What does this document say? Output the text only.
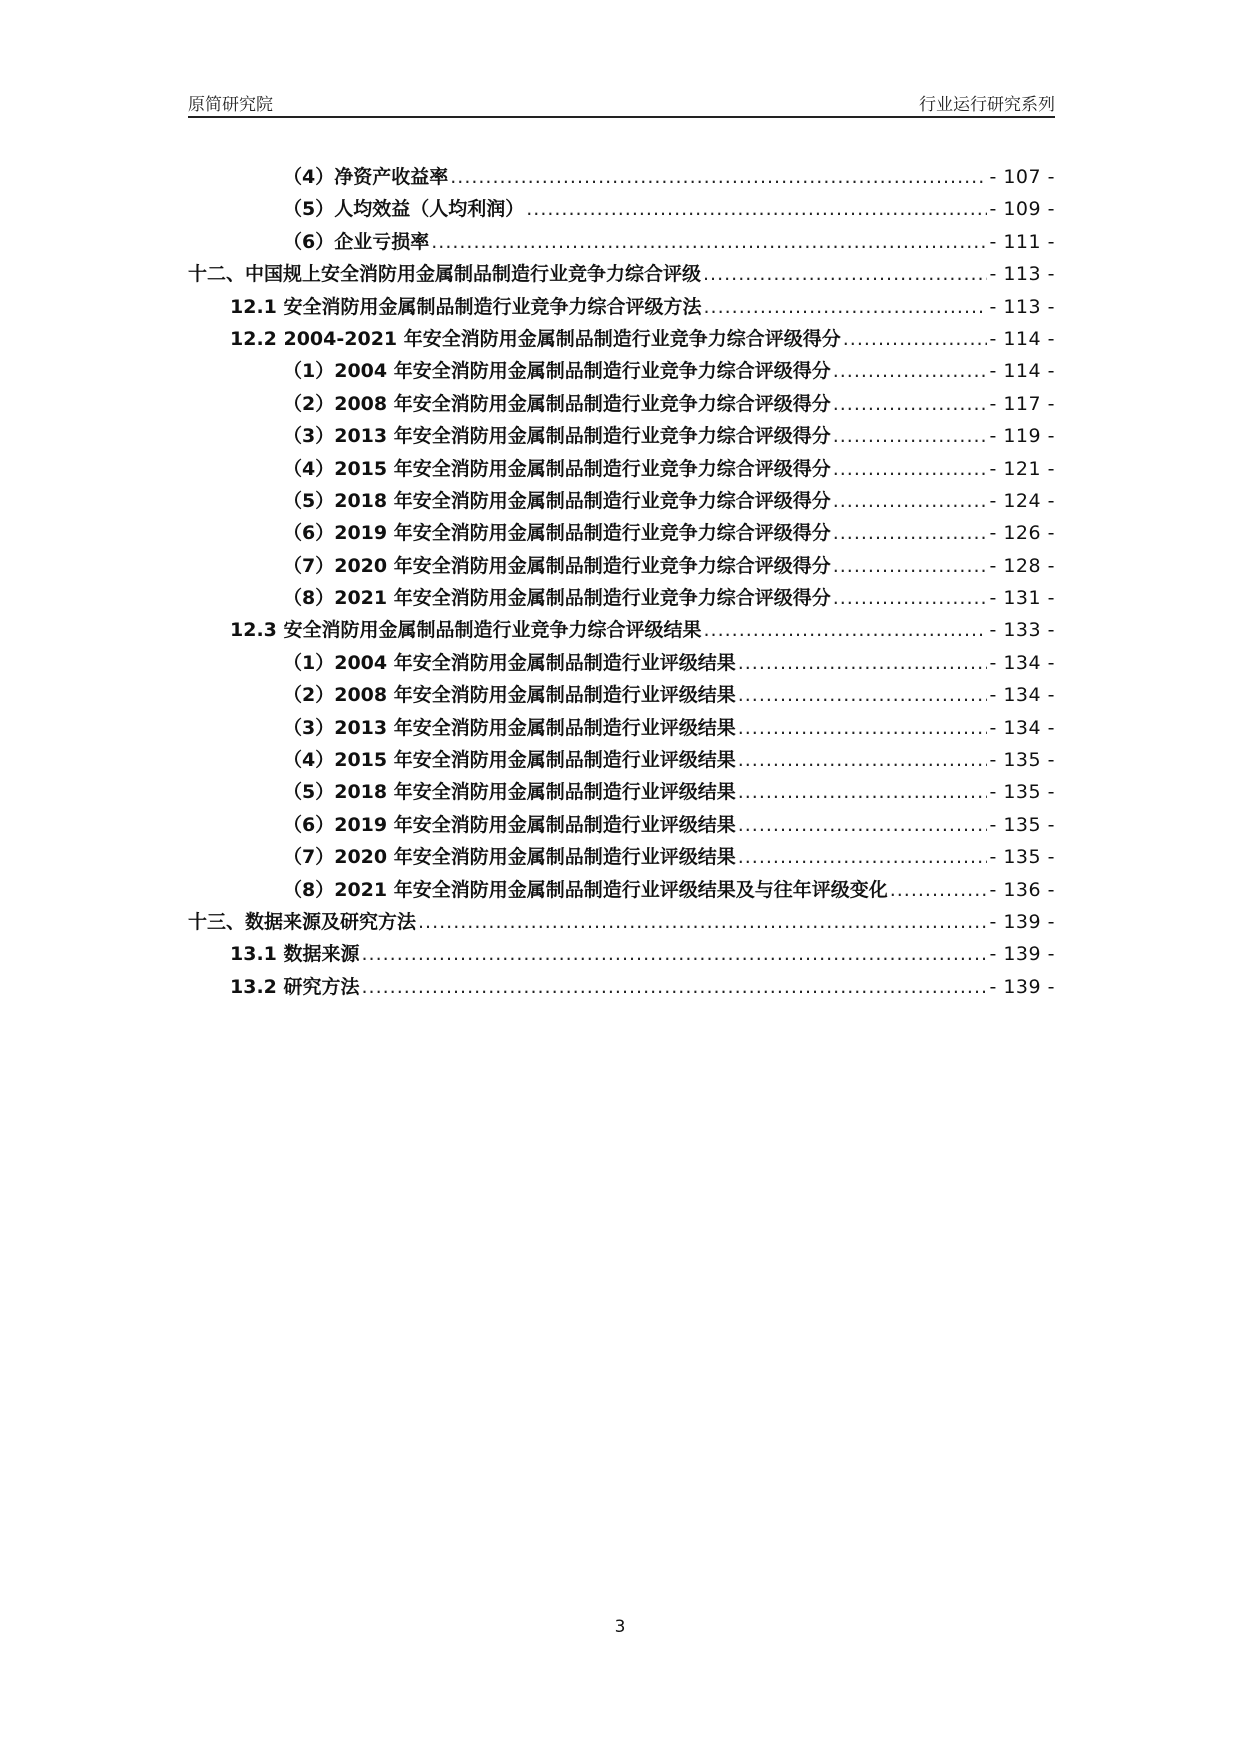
原简研究院	行业运行研究系列
（4）净资产收益率 .....	- 107 -
（5）人均效益（人均利润） .....	- 109 -
（6）企业亏损率 .....	- 111 -
十二、中国规上安全消防用金属制品制造行业竞争力综合评级 .....	- 113 -
12.1 安全消防用金属制品制造行业竞争力综合评级方法 .....	- 113 -
12.2 2004-2021 年安全消防用金属制品制造行业竞争力综合评级得分 .....	- 114 -
（1）2004 年安全消防用金属制品制造行业竞争力综合评级得分 .....	- 114 -
（2）2008 年安全消防用金属制品制造行业竞争力综合评级得分 .....	- 117 -
（3）2013 年安全消防用金属制品制造行业竞争力综合评级得分 .....	- 119 -
（4）2015 年安全消防用金属制品制造行业竞争力综合评级得分 .....	- 121 -
（5）2018 年安全消防用金属制品制造行业竞争力综合评级得分 .....	- 124 -
（6）2019 年安全消防用金属制品制造行业竞争力综合评级得分 .....	- 126 -
（7）2020 年安全消防用金属制品制造行业竞争力综合评级得分 .....	- 128 -
（8）2021 年安全消防用金属制品制造行业竞争力综合评级得分 .....	- 131 -
12.3 安全消防用金属制品制造行业竞争力综合评级结果 .....	- 133 -
（1）2004 年安全消防用金属制品制造行业评级结果 .....	- 134 -
（2）2008 年安全消防用金属制品制造行业评级结果 .....	- 134 -
（3）2013 年安全消防用金属制品制造行业评级结果 .....	- 134 -
（4）2015 年安全消防用金属制品制造行业评级结果 .....	- 135 -
（5）2018 年安全消防用金属制品制造行业评级结果 .....	- 135 -
（6）2019 年安全消防用金属制品制造行业评级结果 .....	- 135 -
（7）2020 年安全消防用金属制品制造行业评级结果 .....	- 135 -
（8）2021 年安全消防用金属制品制造行业评级结果及与往年评级变化 .....	- 136 -
十三、数据来源及研究方法 .....	- 139 -
13.1 数据来源 .....	- 139 -
13.2 研究方法 .....	- 139 -
3
